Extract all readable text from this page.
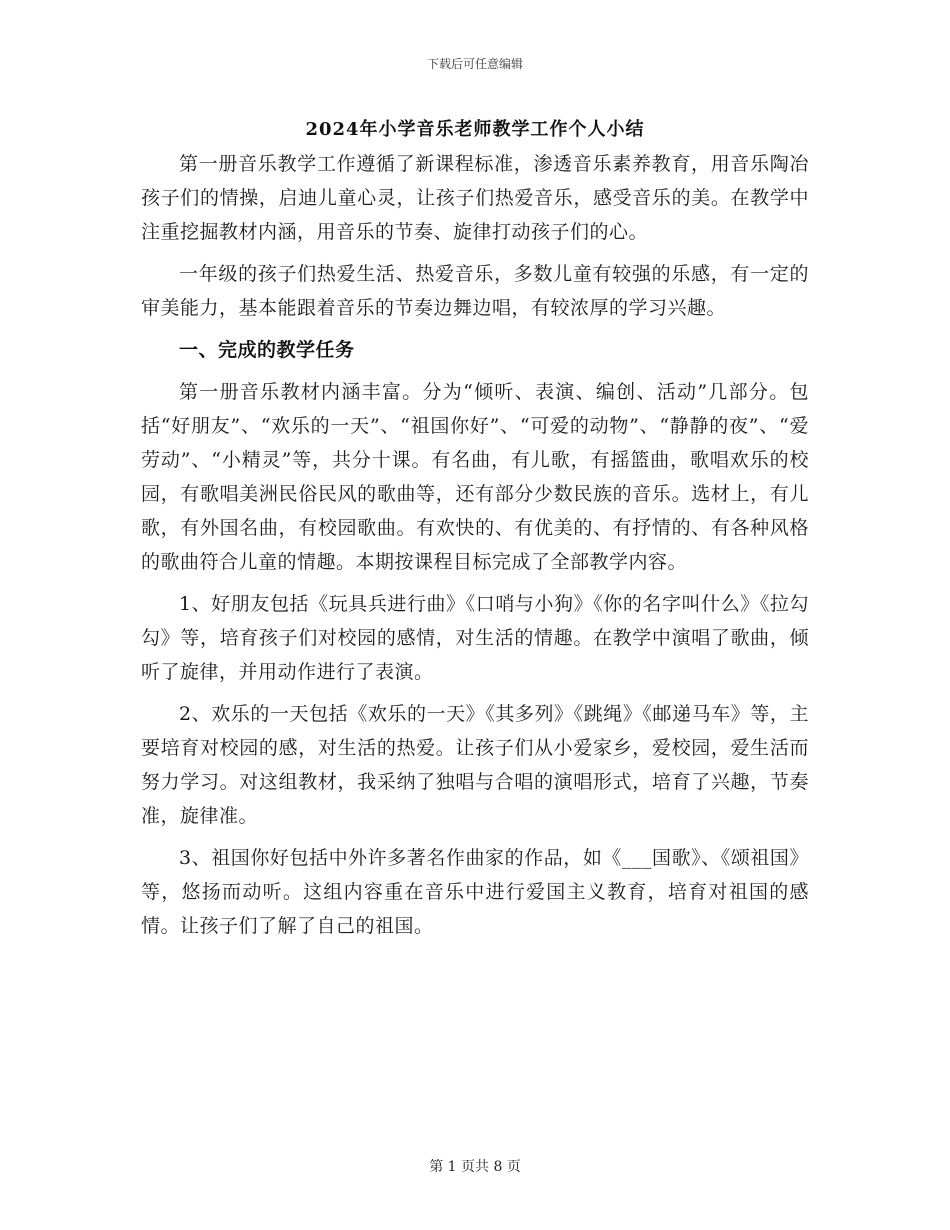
下载后可任意编辑
2024年小学音乐老师教学工作个人小结

第一册音乐教学工作遵循了新课程标准，渗透音乐素养教育，用音乐陶冶孩子们的情操，启迪儿童心灵，让孩子们热爱音乐，感受音乐的美。在教学中注重挖掘教材内涵，用音乐的节奏、旋律打动孩子们的心。

一年级的孩子们热爱生活、热爱音乐，多数儿童有较强的乐感，有一定的审美能力，基本能跟着音乐的节奏边舞边唱，有较浓厚的学习兴趣。

一、完成的教学任务

第一册音乐教材内涵丰富。分为“倾听、表演、编创、活动”几部分。包括“好朋友”、“欢乐的一天”、“祖国你好”、“可爱的动物”、“静静的夜”、“爱劳动”、“小精灵”等，共分十课。有名曲，有儿歌，有摇篮曲，歌唱欢乐的校园，有歌唱美洲民俗民风的歌曲等，还有部分少数民族的音乐。选材上，有儿歌，有外国名曲，有校园歌曲。有欢快的、有优美的、有抒情的、有各种风格的歌曲符合儿童的情趣。本期按课程目标完成了全部教学内容。

1、好朋友包括《玩具兵进行曲》《口哨与小狗》《你的名字叫什么》《拉勾勾》等，培育孩子们对校园的感情，对生活的情趣。在教学中演唱了歌曲，倾听了旋律，并用动作进行了表演。

2、欢乐的一天包括《欢乐的一天》《其多列》《跳绳》《邮递马车》等，主要培育对校园的感，对生活的热爱。让孩子们从小爱家乡，爱校园，爱生活而努力学习。对这组教材，我采纳了独唱与合唱的演唱形式，培育了兴趣，节奏准，旋律准。

3、祖国你好包括中外许多著名作曲家的作品，如《___国歌》、《颂祖国》等，悠扬而动听。这组内容重在音乐中进行爱国主义教育，培育对祖国的感情。让孩子们了解了自己的祖国。

第 1 页共 8 页
